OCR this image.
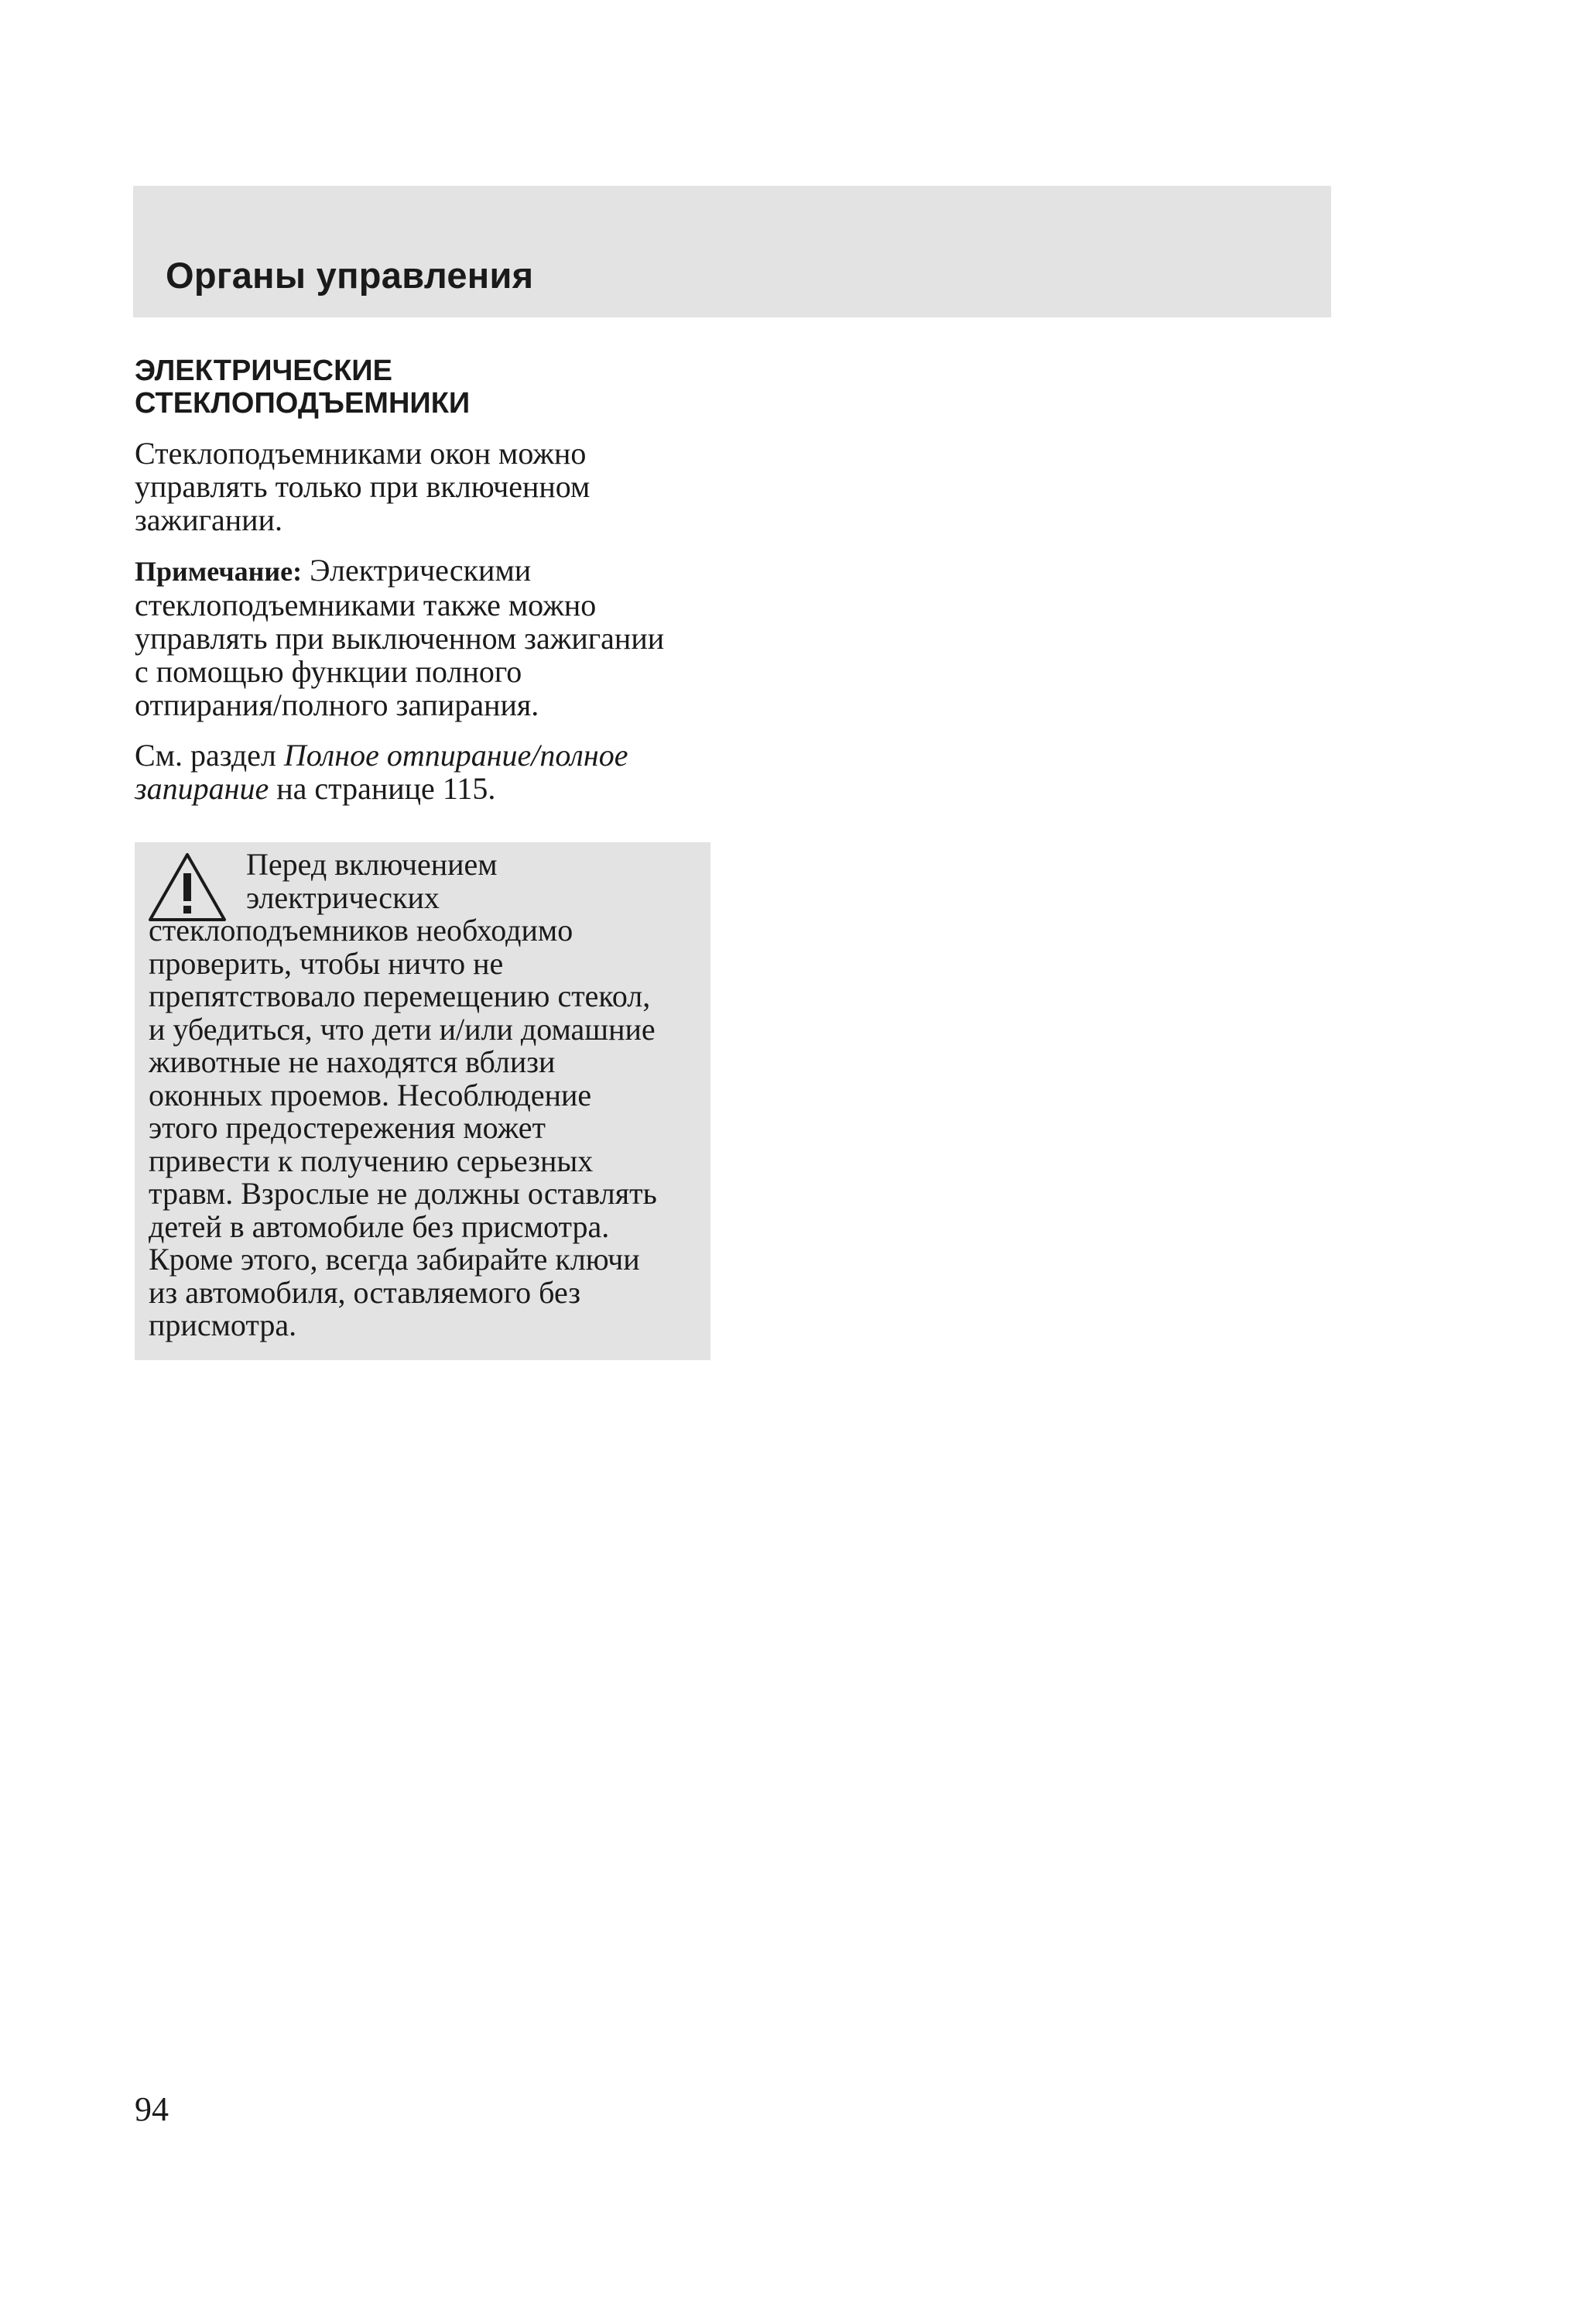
Органы управления
ЭЛЕКТРИЧЕСКИЕ
СТЕКЛОПОДЪЕМНИКИ

Стеклоподъемниками окон можно
управлять только при включенном
зажигании.

Примечание: Электрическими
стеклоподъемниками также можно
управлять при выключенном зажигании
с помощью функции полного
отпирания/полного запирания.

См. раздел Полное отпирание/полное
запирание на странице 115.

Перед включением
электрических
стеклоподъемников необходимо
проверить, чтобы ничто не
препятствовало перемещению стекол,
и убедиться, что дети и/или домашние
животные не находятся вблизи
оконных проемов. Несоблюдение
этого предостережения может
привести к получению серьезных
травм. Взрослые не должны оставлять
детей в автомобиле без присмотра.
Кроме этого, всегда забирайте ключи
из автомобиля, оставляемого без
присмотра.
94
